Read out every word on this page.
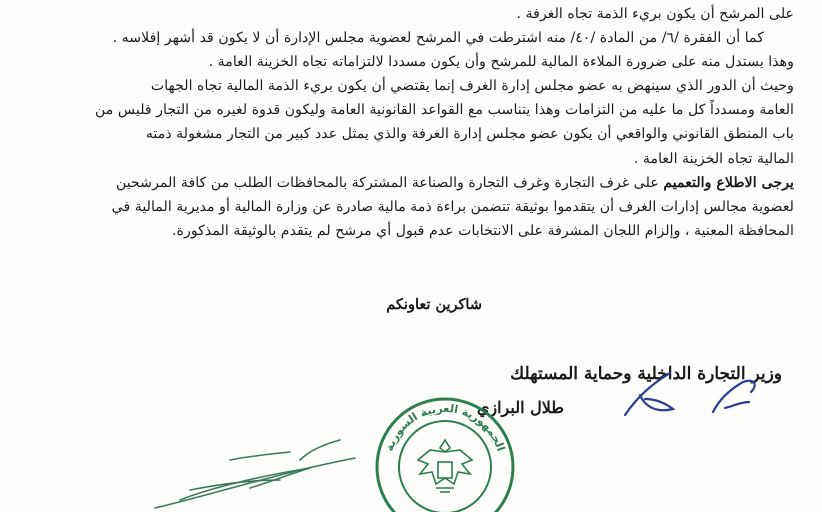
على المرشح أن يكون بريء الذمة تجاه الغرفة .
كما أن الفقرة /٦/ من المادة /٤٠/ منه اشترطت في المرشح لعضوية مجلس الإدارة أن لا يكون قد أشهر إفلاسه .
وهذا يستدل منه على ضرورة الملاءة المالية للمرشح وأن يكون مسددا لالتزاماته تجاه الخزينة العامة .
وحيث أن الدور الذي سينهض به عضو مجلس إدارة الغرف إنما يقتضي أن يكون بريء الذمة المالية تجاه الجهات
العامة ومسدداً كل ما عليه من التزامات وهذا يتناسب مع القواعد القانونية العامة وليكون قدوة لغيره من التجار فليس من
باب المنطق القانوني والواقعي أن يكون عضو مجلس إدارة الغرفة والذي يمثل عدد كبير من التجار مشغولة ذمته
المالية تجاه الخزينة العامة .
يرجى الاطلاع والتعميم على غرف التجارة وغرف التجارة والصناعة المشتركة بالمحافظات الطلب من كافة المرشحين
لعضوية مجالس إدارات الغرف أن يتقدموا بوثيقة تتضمن براءة ذمة مالية صادرة عن وزارة المالية أو مديرية المالية في
المحافظة المعنية ، وإلزام اللجان المشرفة على الانتخابات عدم قبول أي مرشح لم يتقدم بالوثيقة المذكورة.
شاكرين تعاونكم
وزير التجارة الداخلية وحماية المستهلك
طلال البرازي
الجمهورية العربية السورية
